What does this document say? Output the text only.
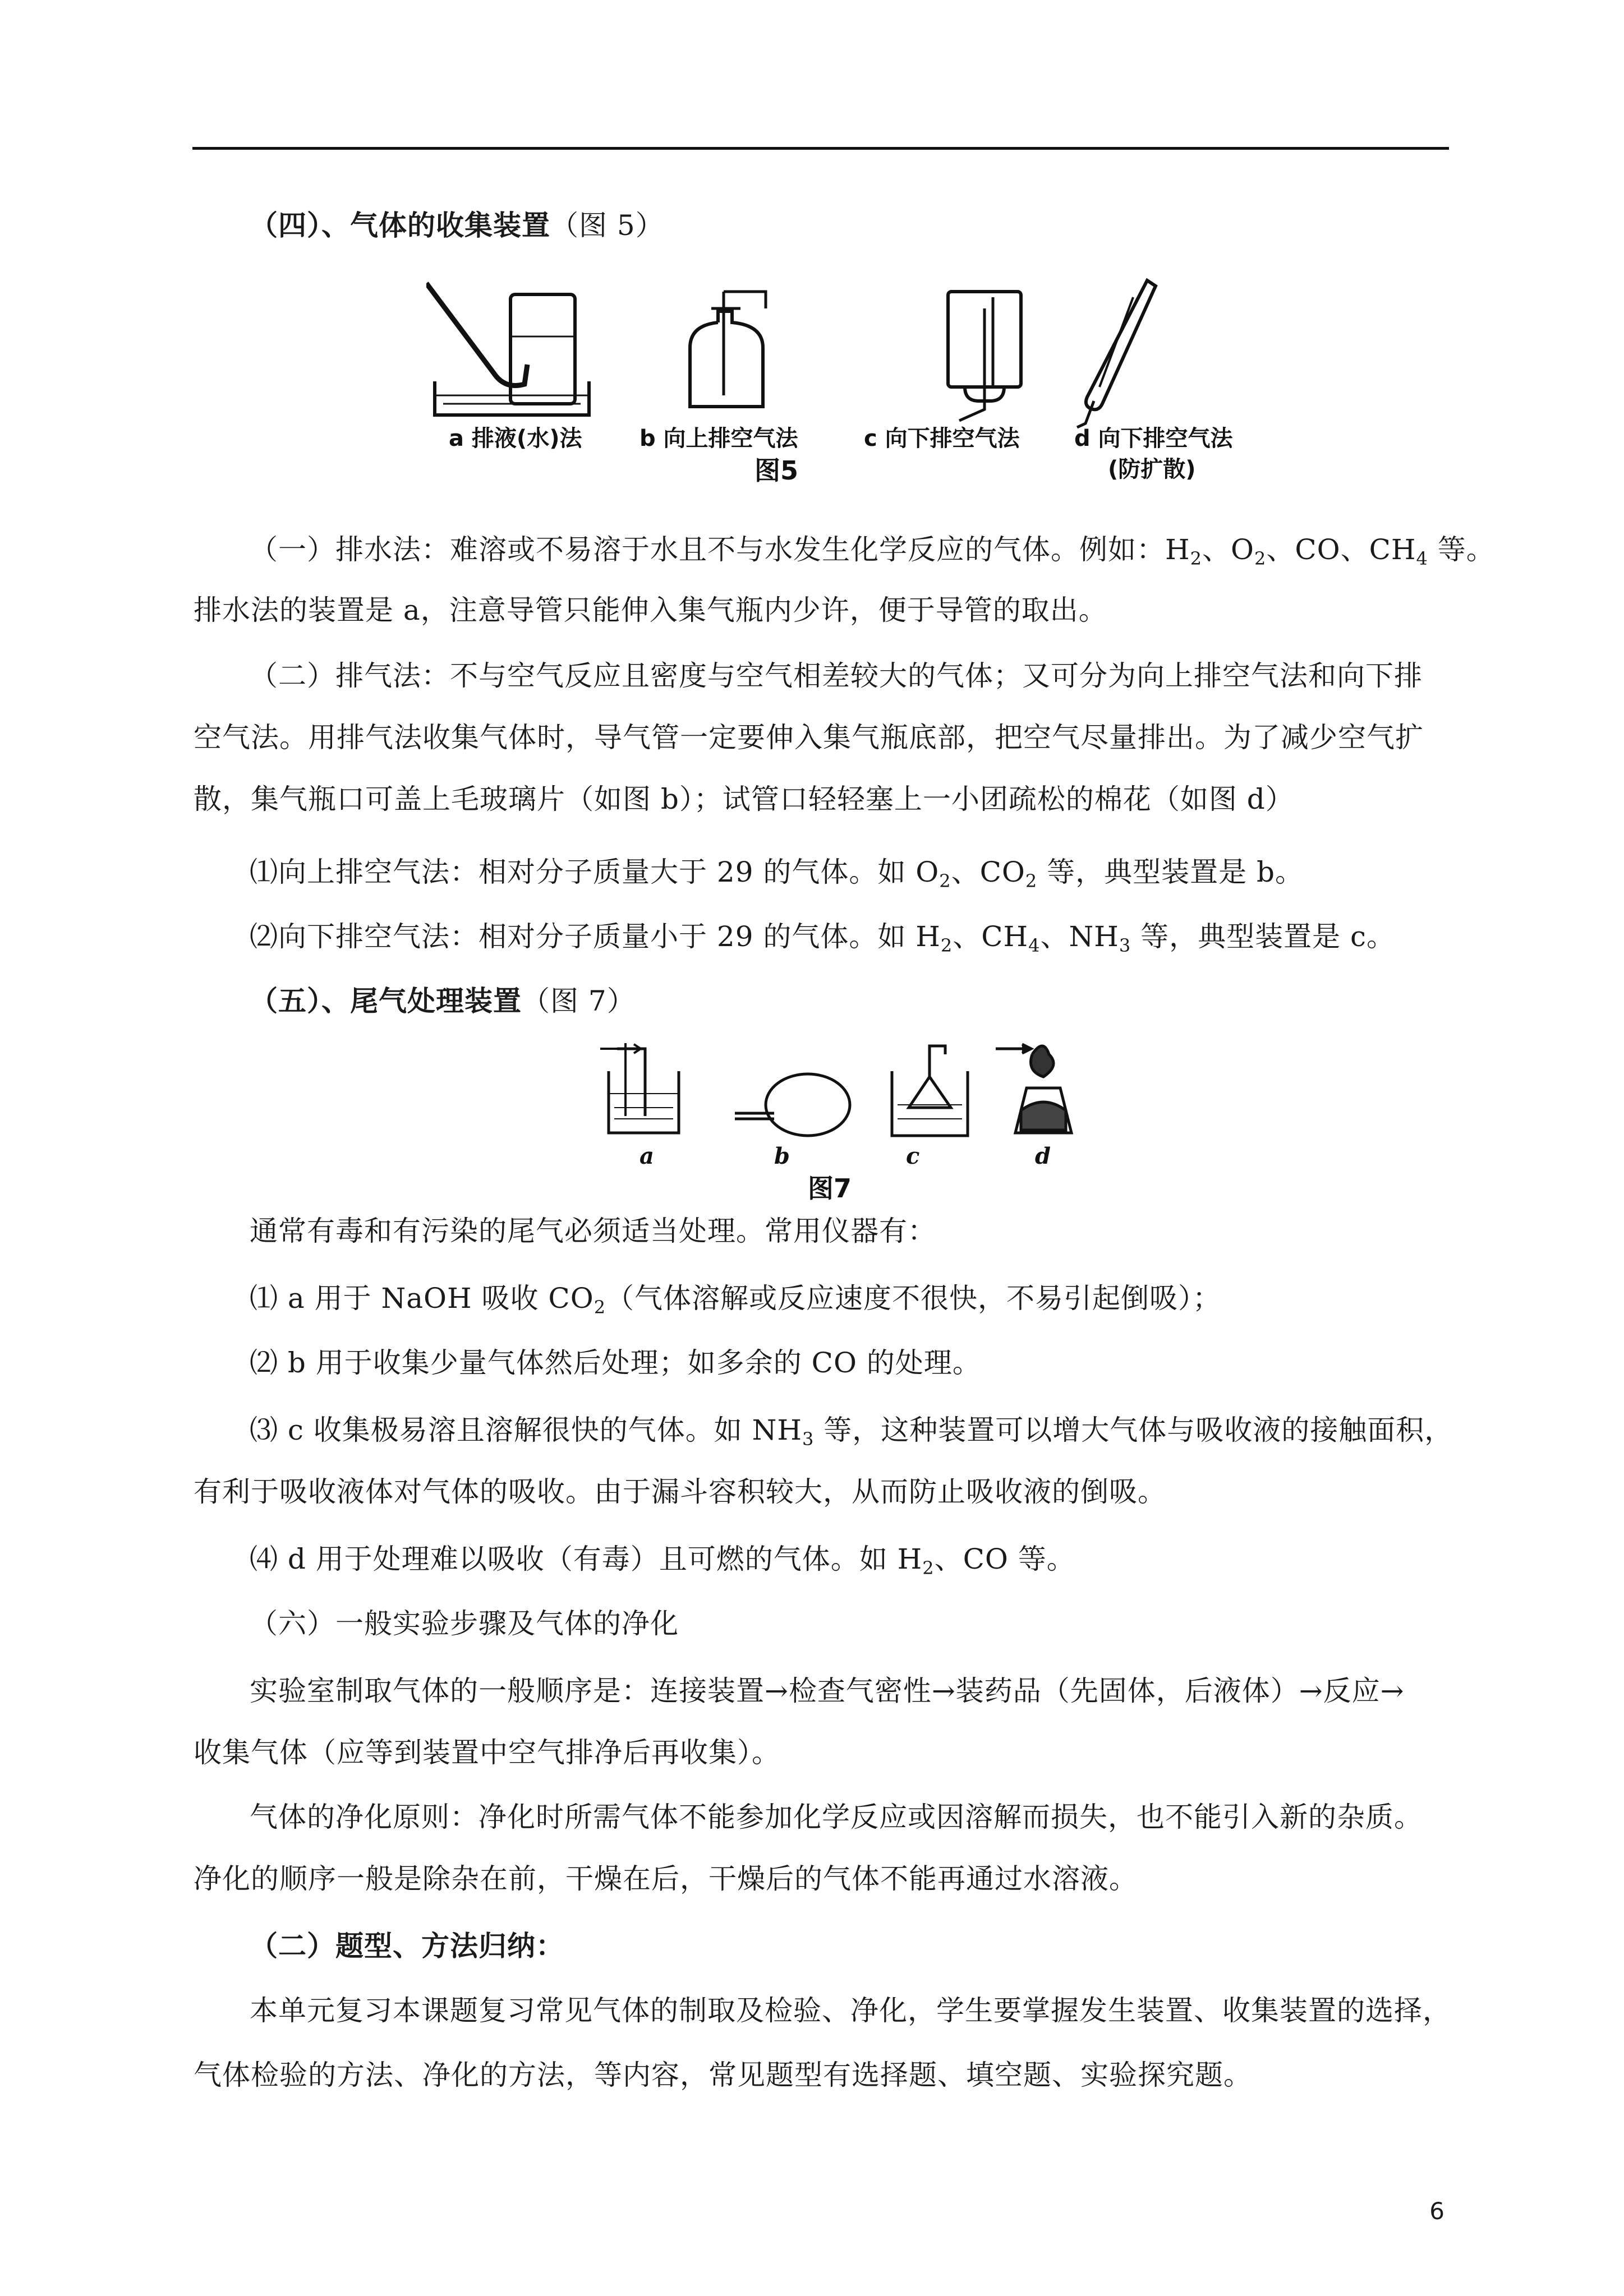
（四）、气体的收集装置（图 5）
a 排液(水)法	b 向上排空气法	c 向下排空气法 d 向下排空气法
(防扩散)
图5
（一）排水法：难溶或不易溶于水且不与水发生化学反应的气体。例如：$H_2$、$O_2$、CO、$CH_4$ 等。
排水法的装置是 a，注意导管只能伸入集气瓶内少许，便于导管的取出。
（二）排气法：不与空气反应且密度与空气相差较大的气体；又可分为向上排空气法和向下排
空气法。用排气法收集气体时，导气管一定要伸入集气瓶底部，把空气尽量排出。为了减少空气扩
散，集气瓶口可盖上毛玻璃片（如图 b）；试管口轻轻塞上一小团疏松的棉花（如图 d）
⑴向上排空气法：相对分子质量大于 29 的气体。如 $O_2$、$CO_2$ 等，典型装置是 b。
⑵向下排空气法：相对分子质量小于 29 的气体。如 $H_2$、$CH_4$、$NH_3$ 等，典型装置是 c。
（五）、尾气处理装置（图 7）
a	b	c	d
图7
通常有毒和有污染的尾气必须适当处理。常用仪器有：
⑴ a 用于 NaOH 吸收 $CO_2$（气体溶解或反应速度不很快，不易引起倒吸）；
⑵ b 用于收集少量气体然后处理；如多余的 CO 的处理。
⑶ c 收集极易溶且溶解很快的气体。如 $NH_3$ 等，这种装置可以增大气体与吸收液的接触面积，
有利于吸收液体对气体的吸收。由于漏斗容积较大，从而防止吸收液的倒吸。
⑷ d 用于处理难以吸收（有毒）且可燃的气体。如 $H_2$、CO 等。
（六）一般实验步骤及气体的净化
实验室制取气体的一般顺序是：连接装置→检查气密性→装药品（先固体，后液体）→反应→
收集气体（应等到装置中空气排净后再收集）。
气体的净化原则：净化时所需气体不能参加化学反应或因溶解而损失，也不能引入新的杂质。
净化的顺序一般是除杂在前，干燥在后，干燥后的气体不能再通过水溶液。
（二）题型、方法归纳：
本单元复习本课题复习常见气体的制取及检验、净化，学生要掌握发生装置、收集装置的选择，
气体检验的方法、净化的方法，等内容，常见题型有选择题、填空题、实验探究题。
6
